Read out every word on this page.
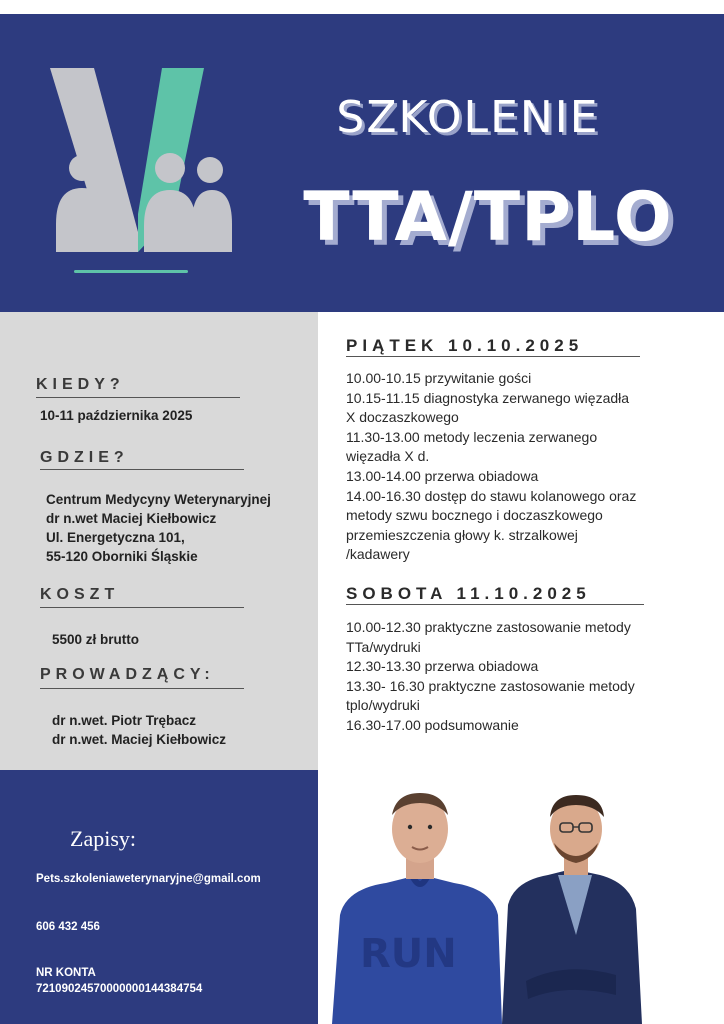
SZKOLENIE
TTA/TPLO
KIEDY?
10-11 października 2025
GDZIE?
Centrum Medycyny Weterynaryjnej
dr n.wet Maciej Kiełbowicz
Ul. Energetyczna 101,
55-120 Oborniki Śląskie
KOSZT
5500 zł brutto
PROWADZĄCY:
dr n.wet. Piotr Trębacz
dr n.wet. Maciej Kiełbowicz
PIĄTEK 10.10.2025
10.00-10.15 przywitanie gości
10.15-11.15 diagnostyka zerwanego więzadła
X doczaszkowego
11.30-13.00 metody leczenia zerwanego
więzadła X d.
13.00-14.00 przerwa obiadowa
14.00-16.30 dostęp do stawu kolanowego oraz
metody szwu bocznego i doczaszkowego
przemieszczenia głowy k. strzalkowej
/kadawery
SOBOTA 11.10.2025
10.00-12.30 praktyczne zastosowanie metody
TTa/wydruki
12.30-13.30 przerwa obiadowa
13.30- 16.30 praktyczne zastosowanie metody
tplo/wydruki
16.30-17.00 podsumowanie
Zapisy:
Pets.szkoleniaweterynaryjne@gmail.com
606 432 456
NR KONTA
72109024570000000144384754
RUN
